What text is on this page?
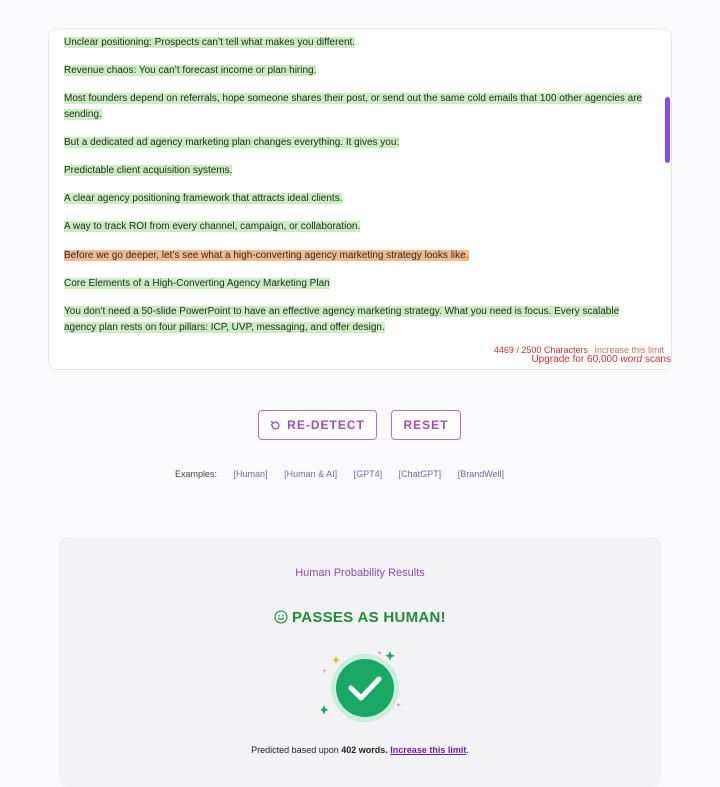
Unclear positioning: Prospects can’t tell what makes you different.
Revenue chaos: You can’t forecast income or plan hiring.
Most founders depend on referrals, hope someone shares their post, or send out the same cold emails that 100 other agencies are sending.
But a dedicated ad agency marketing plan changes everything. It gives you:
Predictable client acquisition systems.
A clear agency positioning framework that attracts ideal clients.
A way to track ROI from every channel, campaign, or collaboration.
Before we go deeper, let’s see what a high-converting agency marketing strategy looks like.
Core Elements of a High-Converting Agency Marketing Plan
You don’t need a 50-slide PowerPoint to have an effective agency marketing strategy. What you need is focus. Every scalable agency plan rests on four pillars: ICP, UVP, messaging, and offer design.
4469 / 2500 Characters Increase this limit
Upgrade for 60,000 word scans
RE-DETECT	RESET
Examples: [Human] [Human & AI] [GPT4] [ChatGPT] [BrandWell]
Human Probability Results
PASSES AS HUMAN!
+
+
+
Predicted based upon 402 words. Increase this limit.
